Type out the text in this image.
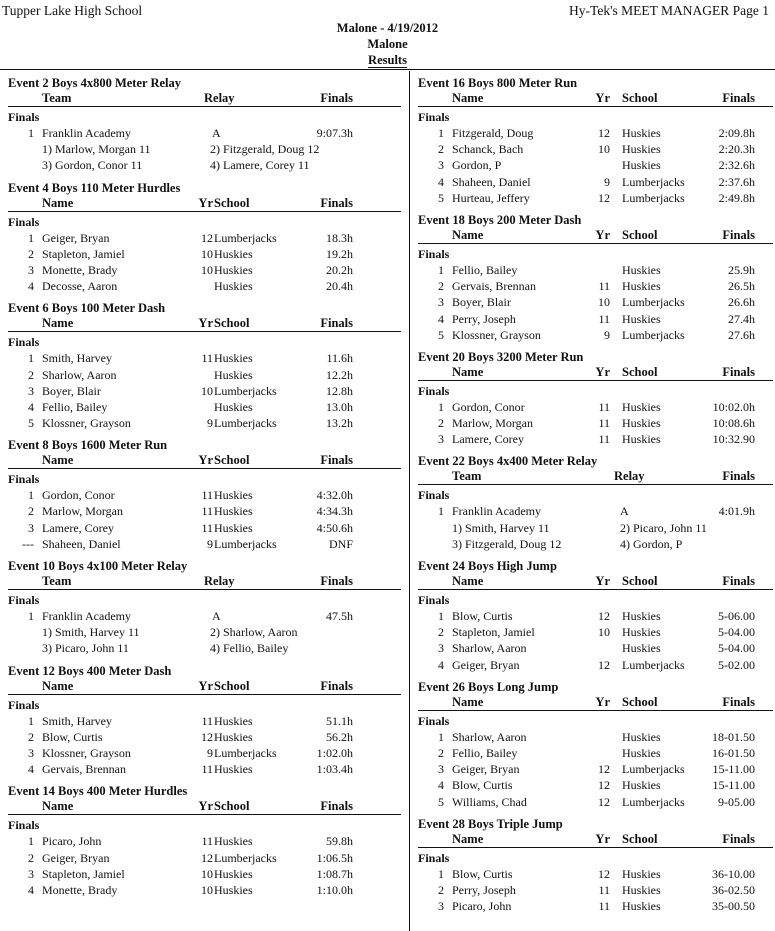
Tupper Lake High School	Hy-Tek's MEET MANAGER Page 1
Malone - 4/19/2012
Malone
Results
Event 2 Boys 4x800 Meter Relay
Team	Relay	Finals
Finals
1 Franklin Academy	A	9:07.3h
1) Marlow, Morgan 11	2) Fitzgerald, Doug 12
3) Gordon, Conor 11	4) Lamere, Corey 11
Event 4 Boys 110 Meter Hurdles
Name	Yr School	Finals
Finals
1 Geiger, Bryan	12 Lumberjacks	18.3h
2 Stapleton, Jamiel	10 Huskies	19.2h
3 Monette, Brady	10 Huskies	20.2h
4 Decosse, Aaron	Huskies	20.4h
Event 6 Boys 100 Meter Dash
Name	Yr School	Finals
Finals
1 Smith, Harvey	11 Huskies	11.6h
2 Sharlow, Aaron	Huskies	12.2h
3 Boyer, Blair	10 Lumberjacks	12.8h
4 Fellio, Bailey	Huskies	13.0h
5 Klossner, Grayson	9 Lumberjacks	13.2h
Event 8 Boys 1600 Meter Run
Name	Yr School	Finals
Finals
1 Gordon, Conor	11 Huskies	4:32.0h
2 Marlow, Morgan	11 Huskies	4:34.3h
3 Lamere, Corey	11 Huskies	4:50.6h
--- Shaheen, Daniel	9 Lumberjacks	DNF
Event 10 Boys 4x100 Meter Relay
Team	Relay	Finals
Finals
1 Franklin Academy	A	47.5h
1) Smith, Harvey 11	2) Sharlow, Aaron
3) Picaro, John 11	4) Fellio, Bailey
Event 12 Boys 400 Meter Dash
Name	Yr School	Finals
Finals
1 Smith, Harvey	11 Huskies	51.1h
2 Blow, Curtis	12 Huskies	56.2h
3 Klossner, Grayson	9 Lumberjacks	1:02.0h
4 Gervais, Brennan	11 Huskies	1:03.4h
Event 14 Boys 400 Meter Hurdles
Name	Yr School	Finals
Finals
1 Picaro, John	11 Huskies	59.8h
2 Geiger, Bryan	12 Lumberjacks	1:06.5h
3 Stapleton, Jamiel	10 Huskies	1:08.7h
4 Monette, Brady	10 Huskies	1:10.0h
Event 16 Boys 800 Meter Run
Name	Yr School	Finals
Finals
1 Fitzgerald, Doug	12 Huskies	2:09.8h
2 Schanck, Bach	10 Huskies	2:20.3h
3 Gordon, P	Huskies	2:32.6h
4 Shaheen, Daniel	9 Lumberjacks	2:37.6h
5 Hurteau, Jeffery	12 Lumberjacks	2:49.8h
Event 18 Boys 200 Meter Dash
Name	Yr School	Finals
Finals
1 Fellio, Bailey	Huskies	25.9h
2 Gervais, Brennan	11 Huskies	26.5h
3 Boyer, Blair	10 Lumberjacks	26.6h
4 Perry, Joseph	11 Huskies	27.4h
5 Klossner, Grayson	9 Lumberjacks	27.6h
Event 20 Boys 3200 Meter Run
Name	Yr School	Finals
Finals
1 Gordon, Conor	11 Huskies	10:02.0h
2 Marlow, Morgan	11 Huskies	10:08.6h
3 Lamere, Corey	11 Huskies	10:32.90
Event 22 Boys 4x400 Meter Relay
Team	Relay	Finals
Finals
1 Franklin Academy	A	4:01.9h
1) Smith, Harvey 11	2) Picaro, John 11
3) Fitzgerald, Doug 12	4) Gordon, P
Event 24 Boys High Jump
Name	Yr School	Finals
Finals
1 Blow, Curtis	12 Huskies	5-06.00
2 Stapleton, Jamiel	10 Huskies	5-04.00
3 Sharlow, Aaron	Huskies	5-04.00
4 Geiger, Bryan	12 Lumberjacks	5-02.00
Event 26 Boys Long Jump
Name	Yr School	Finals
Finals
1 Sharlow, Aaron	Huskies	18-01.50
2 Fellio, Bailey	Huskies	16-01.50
3 Geiger, Bryan	12 Lumberjacks	15-11.00
4 Blow, Curtis	12 Huskies	15-11.00
5 Williams, Chad	12 Lumberjacks	9-05.00
Event 28 Boys Triple Jump
Name	Yr School	Finals
Finals
1 Blow, Curtis	12 Huskies	36-10.00
2 Perry, Joseph	11 Huskies	36-02.50
3 Picaro, John	11 Huskies	35-00.50
